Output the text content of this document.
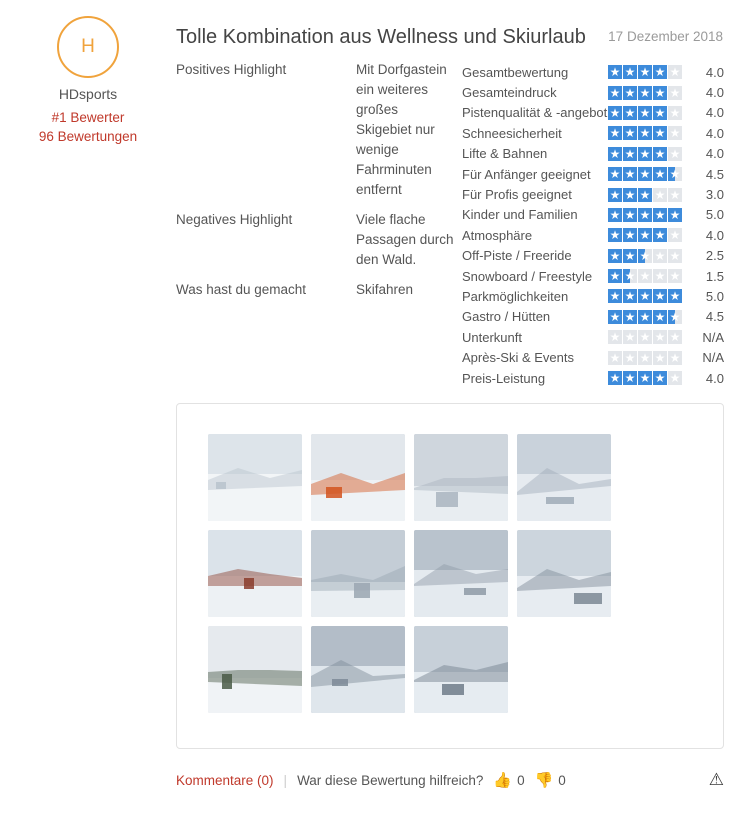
H
HDsports
#1 Bewerter
96 Bewertungen
Tolle Kombination aus Wellness und Skiurlaub 17 Dezember 2018
Positives Highlight	Mit Dorfgastein ein weiteres großes Skigebiet nur wenige Fahrminuten entfernt
Negatives Highlight	Viele flache Passagen durch den Wald.
Was hast du gemacht	Skifahren
Gesamtbewertung	★ ★ ★ ★ ★	4.0
Gesamteindruck	★ ★ ★ ★ ★	4.0
Pistenqualität & -angebot ★ ★ ★ ★ ★	4.0
Schneesicherheit	★ ★ ★ ★ ★	4.0
Lifte & Bahnen	★ ★ ★ ★ ★	4.0
Für Anfänger geeignet	★ ★ ★ ★ ★	4.5
Für Profis geeignet	★ ★ ★ ★ ★	3.0
Kinder und Familien	★ ★ ★ ★ ★	5.0
Atmosphäre	★ ★ ★ ★ ★	4.0
Off-Piste / Freeride	★ ★ ★ ★ ★	2.5
Snowboard / Freestyle	★ ★ ★ ★ ★	1.5
Parkmöglichkeiten	★ ★ ★ ★ ★	5.0
Gastro / Hütten	★ ★ ★ ★ ★	4.5
Unterkunft	★ ★ ★ ★ ★	N/A
Après-Ski & Events	★ ★ ★ ★ ★	N/A
Preis-Leistung	★ ★ ★ ★ ★	4.0
Kommentare (0) | War diese Bewertung hilfreich? 👍 0 👎 0	⚠
